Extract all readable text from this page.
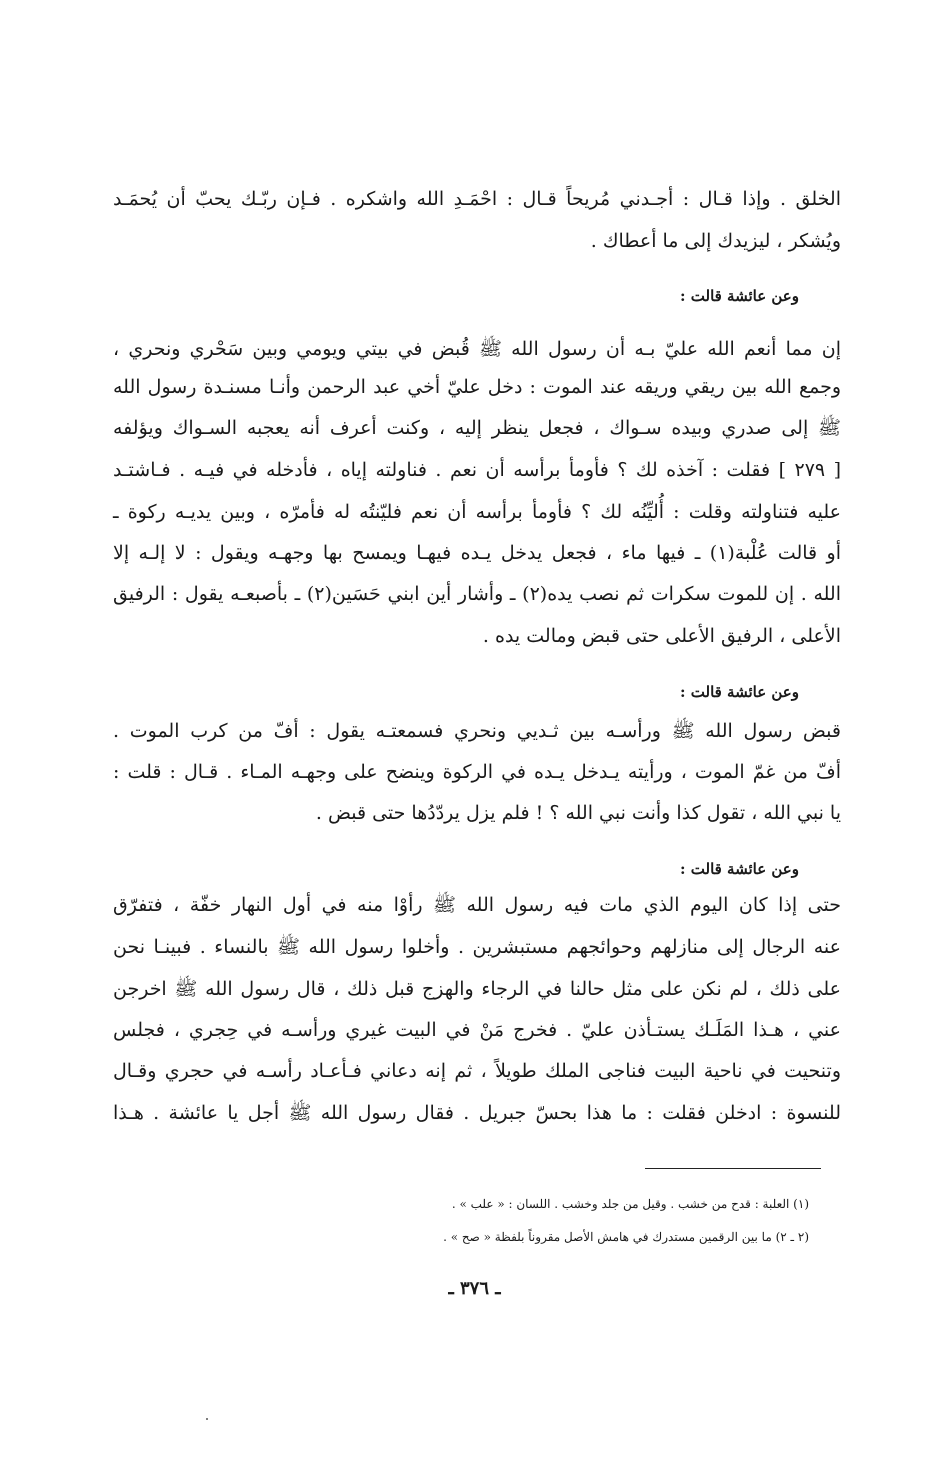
الخلق . وإذا قـال : أجـدني مُريحاً قـال : احْمَـدِ الله واشكره . فـإن ربّـك يحبّ أن يُحمَـد
ويُشكر ، ليزيدك إلى ما أعطاك .
وعن عائشة قالت :
إن مما أنعم الله عليّ بـه أن رسول الله ﷺ قُبض في بيتي ويومي وبين سَحْري ونحري ،
وجمع الله بين ريقي وريقه عند الموت : دخل عليّ أخي عبد الرحمن وأنـا مسنـدة رسول الله
ﷺ إلى صدري وبيده سـواك ، فجعل ينظر إليه ، وكنت أعرف أنه يعجبه السـواك ويؤلفه
[ ٢٧٩ ] فقلت : آخذه لك ؟ فأومأ برأسه أن نعم . فناولته إياه ، فأدخله في فيـه . فـاشتـد
عليه فتناولته وقلت : أُليِّنُه لك ؟ فأومأ برأسه أن نعم فليّنتُه له فأمرّه ، وبين يديـه ركوة ـ
أو قالت عُلْبة(١) ـ فيها ماء ، فجعل يدخل يـده فيهـا ويمسح بها وجهـه ويقول : لا إلـه إلا
الله . إن للموت سكرات ثم نصب يده(٢) ـ وأشار أين ابني حَسَين(٢) ـ بأصبعـه يقول : الرفيق
الأعلى ، الرفيق الأعلى حتى قبض ومالت يده .
وعن عائشة قالت :
قبض رسول الله ﷺ ورأسـه بين ثـديي ونحري فسمعتـه يقول : أفّ من كرب الموت .
أفّ من غمّ الموت ، ورأيته يـدخل يـده في الركوة وينضح على وجهـه المـاء . قـال : قلت :
يا نبي الله ، تقول كذا وأنت نبي الله ؟ ! فلم يزل يردّدُها حتى قبض .
وعن عائشة قالت :
حتى إذا كان اليوم الذي مات فيه رسول الله ﷺ رأوْا منه في أول النهار خفّة ، فتفرّق
عنه الرجال إلى منازلهم وحوائجهم مستبشرين . وأخلوا رسول الله ﷺ بالنساء . فبينـا نحن
على ذلك ، لم نكن على مثل حالنا في الرجاء والهزج قبل ذلك ، قال رسول الله ﷺ اخرجن
عني ، هـذا المَلَـك يستـأذن عليّ . فخرج مَنْ في البيت غيري ورأسـه في حِجري ، فجلس
وتنحيت في ناحية البيت فناجى الملك طويلاً ، ثم إنه دعاني فـأعـاد رأسـه في حجري وقـال
للنسوة : ادخلن فقلت : ما هذا بحسّ جبريل . فقال رسول الله ﷺ أجل يا عائشة . هـذا
(١) العلبة : قدح من خشب . وقيل من جلد وخشب . اللسان : « علب » .
(٢ ـ ٢) ما بين الرقمين مستدرك في هامش الأصل مقروناً بلفظة « صح » .
ـ ٣٧٦ ـ
